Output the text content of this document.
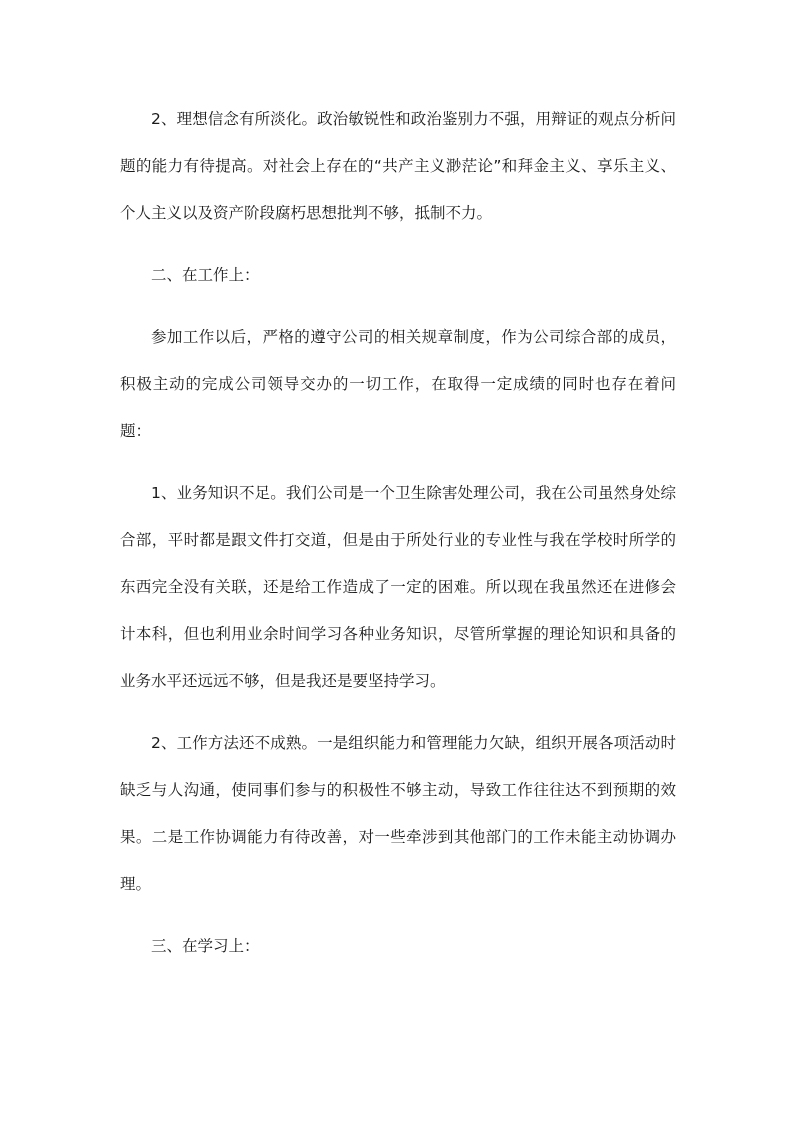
2、理想信念有所淡化。政治敏锐性和政治鉴别力不强，用辩证的观点分析问题的能力有待提高。对社会上存在的“共产主义渺茫论”和拜金主义、享乐主义、个人主义以及资产阶段腐朽思想批判不够，抵制不力。

二、在工作上：

参加工作以后，严格的遵守公司的相关规章制度，作为公司综合部的成员，积极主动的完成公司领导交办的一切工作，在取得一定成绩的同时也存在着问题：

1、业务知识不足。我们公司是一个卫生除害处理公司，我在公司虽然身处综合部，平时都是跟文件打交道，但是由于所处行业的专业性与我在学校时所学的东西完全没有关联，还是给工作造成了一定的困难。所以现在我虽然还在进修会计本科，但也利用业余时间学习各种业务知识，尽管所掌握的理论知识和具备的业务水平还远远不够，但是我还是要坚持学习。

2、工作方法还不成熟。一是组织能力和管理能力欠缺，组织开展各项活动时缺乏与人沟通，使同事们参与的积极性不够主动，导致工作往往达不到预期的效果。二是工作协调能力有待改善，对一些牵涉到其他部门的工作未能主动协调办理。

三、在学习上：
